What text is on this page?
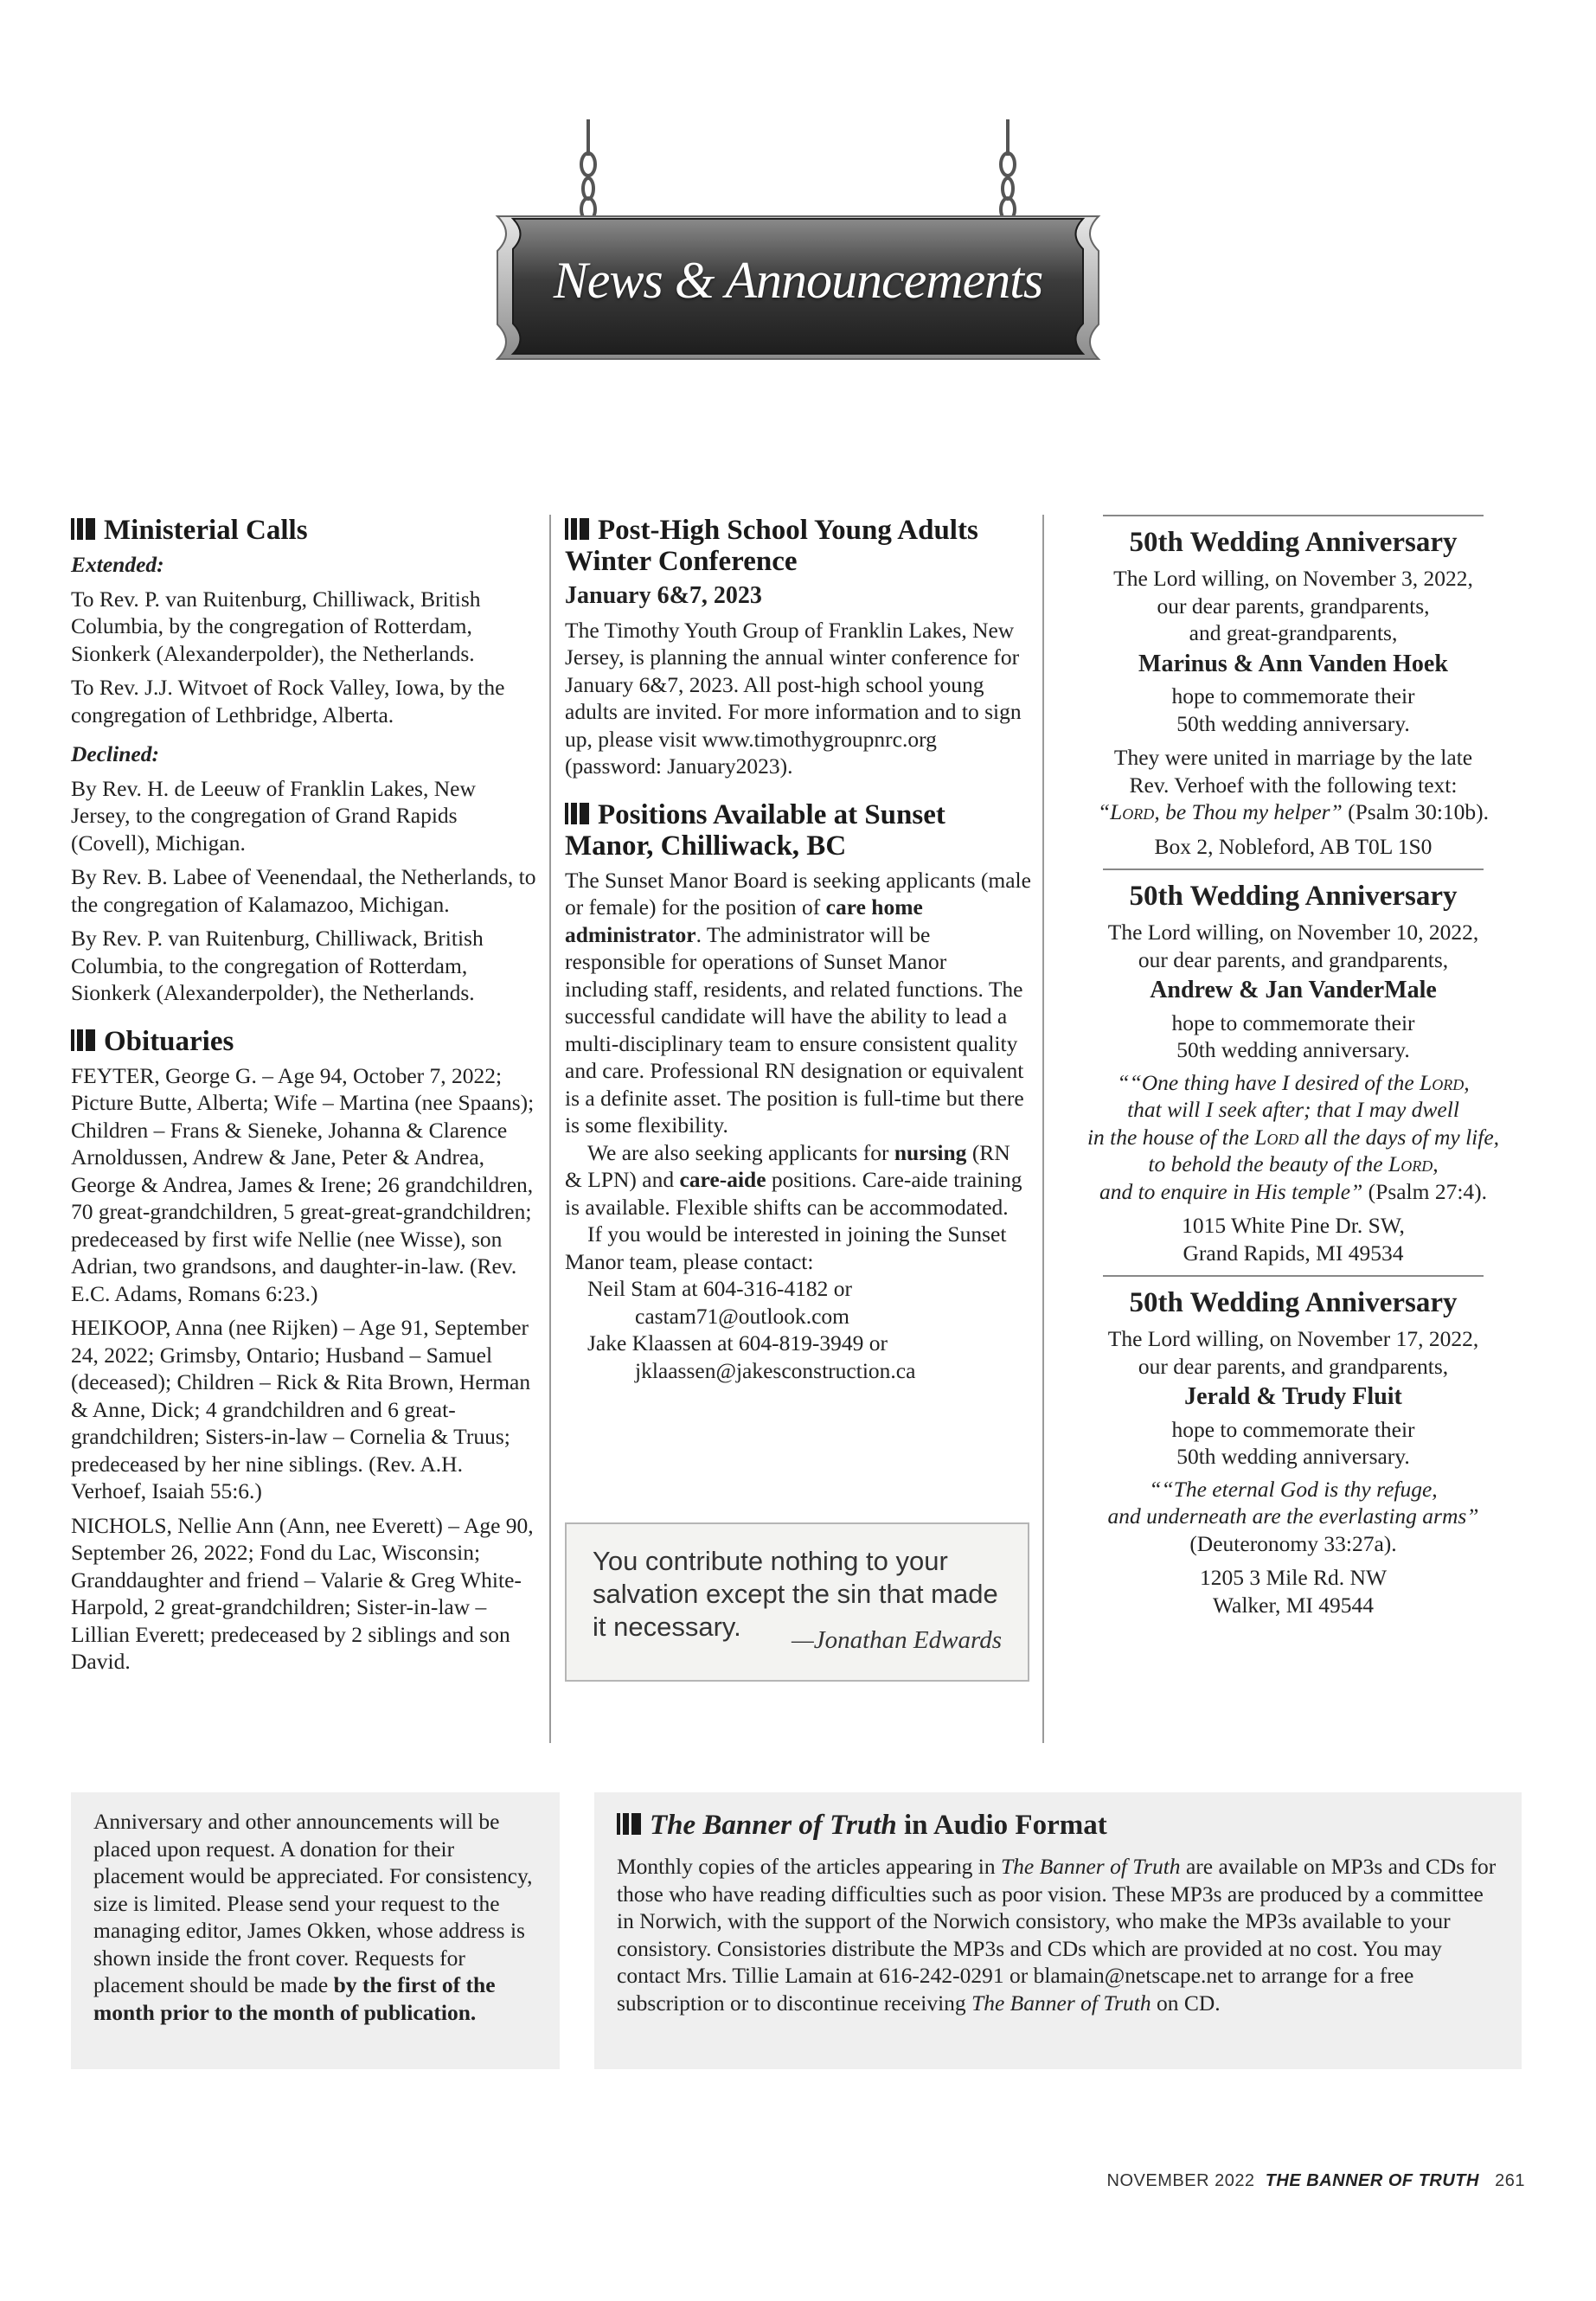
News & Announcements
Ministerial Calls

Extended:

To Rev. P. van Ruitenburg, Chilliwack, British Columbia, by the congregation of Rotterdam, Sionkerk (Alexanderpolder), the Netherlands.

To Rev. J.J. Witvoet of Rock Valley, Iowa, by the congregation of Lethbridge, Alberta.

Declined:

By Rev. H. de Leeuw of Franklin Lakes, New Jersey, to the congregation of Grand Rapids (Covell), Michigan.

By Rev. B. Labee of Veenendaal, the Netherlands, to the congregation of Kalamazoo, Michigan.

By Rev. P. van Ruitenburg, Chilliwack, British Columbia, to the congregation of Rotterdam, Sionkerk (Alexanderpolder), the Netherlands.

Obituaries

FEYTER, George G. – Age 94, October 7, 2022; Picture Butte, Alberta; Wife – Martina (nee Spaans); Children – Frans & Sieneke, Johanna & Clarence Arnoldussen, Andrew & Jane, Peter & Andrea, George & Andrea, James & Irene; 26 grandchildren, 70 great-grandchildren, 5 great-great-grandchildren; predeceased by first wife Nellie (nee Wisse), son Adrian, two grandsons, and daughter-in-law. (Rev. E.C. Adams, Romans 6:23.)

HEIKOOP, Anna (nee Rijken) – Age 91, September 24, 2022; Grimsby, Ontario; Husband – Samuel (deceased); Children – Rick & Rita Brown, Herman & Anne, Dick; 4 grandchildren and 6 great-grandchildren; Sisters-in-law – Cornelia & Truus; predeceased by her nine siblings. (Rev. A.H. Verhoef, Isaiah 55:6.)

NICHOLS, Nellie Ann (Ann, nee Everett) – Age 90, September 26, 2022; Fond du Lac, Wisconsin; Granddaughter and friend – Valarie & Greg White-Harpold, 2 great-grandchildren; Sister-in-law – Lillian Everett; predeceased by 2 siblings and son David.

Post-High School Young Adults Winter Conference

January 6&7, 2023

The Timothy Youth Group of Franklin Lakes, New Jersey, is planning the annual winter conference for January 6&7, 2023. All post-high school young adults are invited. For more information and to sign up, please visit www.timothygroupnrc.org (password: January2023).

Positions Available at Sunset Manor, Chilliwack, BC

The Sunset Manor Board is seeking applicants (male or female) for the position of care home administrator. The administrator will be responsible for operations of Sunset Manor including staff, residents, and related functions. The successful candidate will have the ability to lead a multi-disciplinary team to ensure consistent quality and care. Professional RN designation or equivalent is a definite asset. The position is full-time but there is some flexibility.

We are also seeking applicants for nursing (RN & LPN) and care-aide positions. Care-aide training is available. Flexible shifts can be accommodated.

If you would be interested in joining the Sunset Manor team, please contact:

Neil Stam at 604-316-4182 or
castam71@outlook.com
Jake Klaassen at 604-819-3949 or
jklaassen@jakesconstruction.ca
You contribute nothing to your salvation except the sin that made it necessary.	—Jonathan Edwards
50th Wedding Anniversary
The Lord willing, on November 3, 2022,
our dear parents, grandparents,
and great-grandparents,
Marinus & Ann Vanden Hoek
hope to commemorate their
50th wedding anniversary.
They were united in marriage by the late
Rev. Verhoef with the following text:
“Lord, be Thou my helper” (Psalm 30:10b).
Box 2, Nobleford, AB T0L 1S0
50th Wedding Anniversary
The Lord willing, on November 10, 2022,
our dear parents, and grandparents,
Andrew & Jan VanderMale
hope to commemorate their
50th wedding anniversary.
““One thing have I desired of the Lord,
that will I seek after; that I may dwell
in the house of the Lord all the days of my life,
to behold the beauty of the Lord,
and to enquire in His temple” (Psalm 27:4).
1015 White Pine Dr. SW,
Grand Rapids, MI 49534
50th Wedding Anniversary
The Lord willing, on November 17, 2022,
our dear parents, and grandparents,
Jerald & Trudy Fluit
hope to commemorate their
50th wedding anniversary.
““The eternal God is thy refuge,
and underneath are the everlasting arms”
(Deuteronomy 33:27a).
1205 3 Mile Rd. NW
Walker, MI 49544
Anniversary and other announcements will be placed upon request. A donation for their placement would be appreciated. For consistency, size is limited. Please send your request to the managing editor, James Okken, whose address is shown inside the front cover. Requests for placement should be made by the first of the month prior to the month of publication.
The Banner of Truth in Audio Format
Monthly copies of the articles appearing in The Banner of Truth are available on MP3s and CDs for those who have reading difficulties such as poor vision. These MP3s are produced by a committee in Norwich, with the support of the Norwich consistory, who make the MP3s available to your consistory. Consistories distribute the MP3s and CDs which are provided at no cost. You may contact Mrs. Tillie Lamain at 616-242-0291 or blamain@netscape.net to arrange for a free subscription or to discontinue receiving The Banner of Truth on CD.
NOVEMBER 2022 THE BANNER OF TRUTH 261
